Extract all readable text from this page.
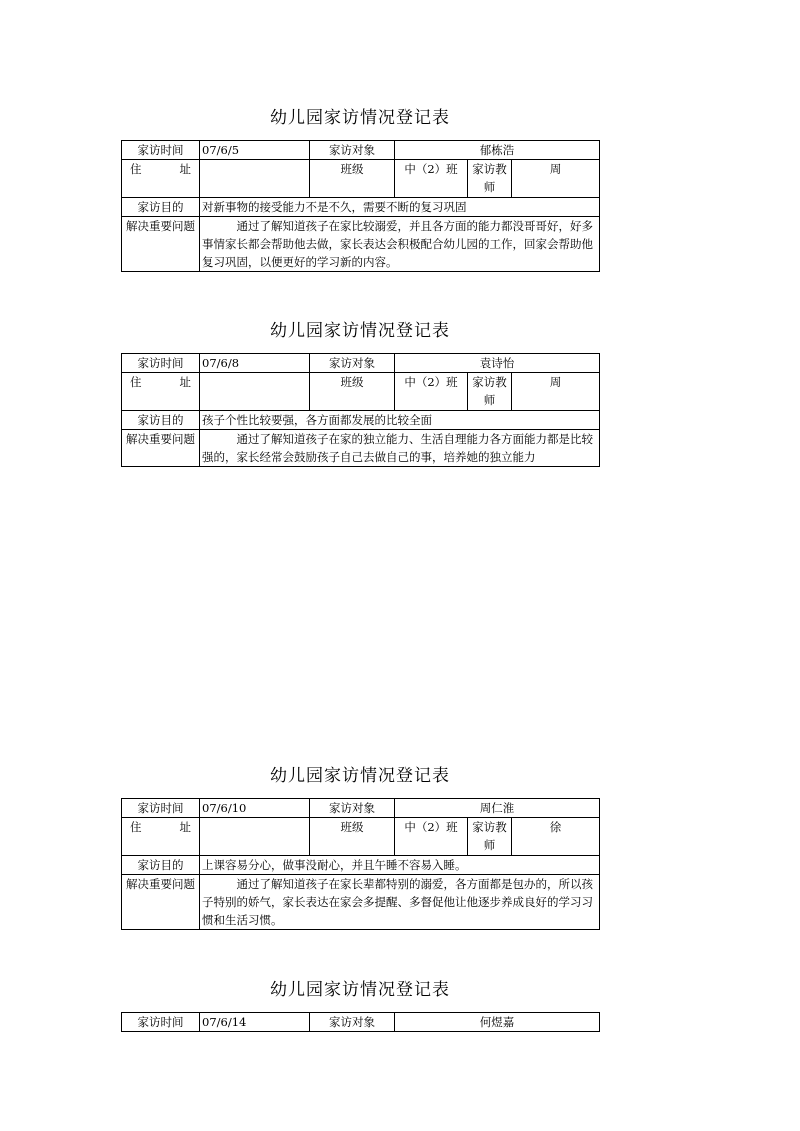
幼儿园家访情况登记表
家访时间	07/6/5	家访对象	郁栋浩		

住 址		班级	中（2）班	家访教师	周
家访目的	对新事物的接受能力不是不久，需要不断的复习巩固				
解决重要问题	通过了解知道孩子在家比较溺爱，并且各方面的能力都没哥哥好，好多事情家长都会帮助他去做，家长表达会积极配合幼儿园的工作，回家会帮助他复习巩固，以便更好的学习新的内容。				
幼儿园家访情况登记表
家访时间	07/6/8	家访对象	袁诗怡		

住 址		班级	中（2）班	家访教师	周
家访目的	孩子个性比较要强，各方面都发展的比较全面				
解决重要问题	通过了解知道孩子在家的独立能力、生活自理能力各方面能力都是比较强的，家长经常会鼓励孩子自己去做自己的事，培养她的独立能力				
幼儿园家访情况登记表
家访时间	07/6/10	家访对象	周仁淮		

住 址		班级	中（2）班	家访教师	徐
家访目的	上课容易分心，做事没耐心，并且午睡不容易入睡。				
解决重要问题	通过了解知道孩子在家长辈都特别的溺爱，各方面都是包办的，所以孩子特别的娇气，家长表达在家会多提醒、多督促他让他逐步养成良好的学习习惯和生活习惯。				
幼儿园家访情况登记表
家访时间	07/6/14	家访对象	何煜嘉
